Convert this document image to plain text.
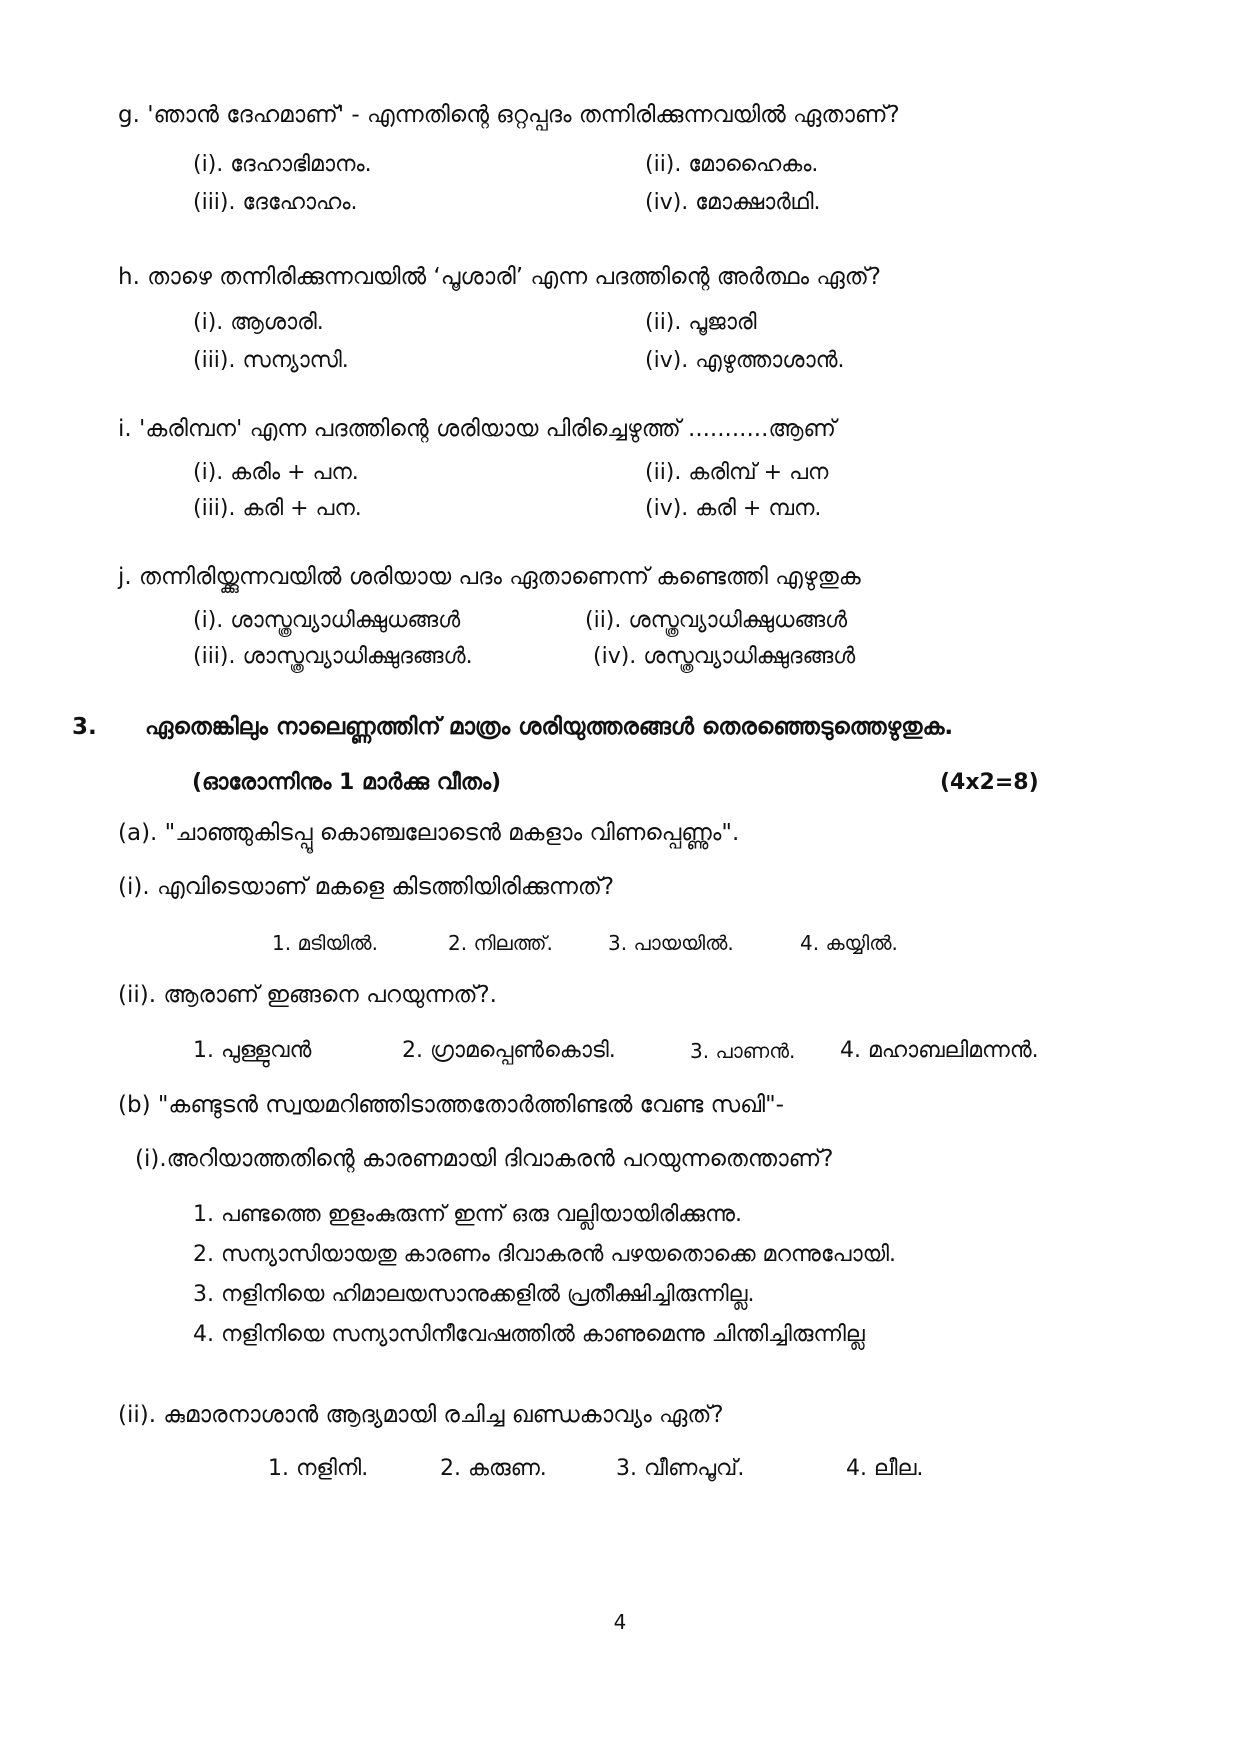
g. 'ഞാൻ ദേഹമാണ്' - എന്നതിന്റെ ഒറ്റപ്പദം തന്നിരിക്കുന്നവയിൽ ഏതാണ്?
(i). ദേഹാഭിമാനം.	(ii). മോഹൈകം.
(iii). ദേഹോഹം.	(iv). മോക്ഷാർഥി.
h. താഴെ തന്നിരിക്കുന്നവയിൽ ‘പൂശാരി’ എന്ന പദത്തിന്റെ അർത്ഥം ഏത്?
(i). ആശാരി.	(ii). പൂജാരി
(iii). സന്യാസി.	(iv). എഴുത്താശാൻ.
i. 'കരിമ്പന' എന്ന പദത്തിന്റെ ശരിയായ പിരിച്ചെഴുത്ത് ...........ആണ്
(i). കരിം + പന.	(ii). കരിമ്പ് + പന
(iii). കരി + പന.	(iv). കരി + മ്പന.
j. തന്നിരിയ്ക്കുന്നവയിൽ ശരിയായ പദം ഏതാണെന്ന് കണ്ടെത്തി എഴുതുക
(i). ശാസ്ത്രവ്യാധിക്ഷുധങ്ങൾ	(ii). ശസ്ത്രവ്യാധിക്ഷുധങ്ങൾ
(iii). ശാസ്ത്രവ്യാധിക്ഷുദങ്ങൾ.	(iv). ശസ്ത്രവ്യാധിക്ഷുദങ്ങൾ
3. ഏതെങ്കിലും നാലെണ്ണത്തിന് മാത്രം ശരിയുത്തരങ്ങൾ തെരഞ്ഞെടുത്തെഴുതുക.
(ഓരോന്നിനും 1 മാർക്കു വീതം)	(4x2=8)
(a). "ചാഞ്ഞുകിടപ്പൂ കൊഞ്ചലോടെൻ മകളാം വിണപ്പെണ്ണും".
(i). എവിടെയാണ് മകളെ കിടത്തിയിരിക്കുന്നത്?
1. മടിയിൽ.	2. നിലത്ത്.	3. പായയിൽ.	4. കയ്യിൽ.
(ii). ആരാണ് ഇങ്ങനെ പറയുന്നത്?.
1. പുള്ളുവൻ	2. ഗ്രാമപ്പെൺകൊടി.	3. പാണൻ. 4. മഹാബലിമന്നൻ.
(b) "കണ്ടുടൻ സ്വയമറിഞ്ഞിടാത്തതോർത്തിണ്ടൽ വേണ്ട സഖി"-
(i).അറിയാത്തതിന്റെ കാരണമായി ദിവാകരൻ പറയുന്നതെന്താണ്?
1. പണ്ടത്തെ ഇളംകുരുന്ന് ഇന്ന് ഒരു വല്ലിയായിരിക്കുന്നു.
2. സന്യാസിയായതു കാരണം ദിവാകരൻ പഴയതൊക്കെ മറന്നുപോയി.
3. നളിനിയെ ഹിമാലയസാനുക്കളിൽ പ്രതീക്ഷിച്ചിരുന്നില്ല.
4. നളിനിയെ സന്യാസിനീവേഷത്തിൽ കാണുമെന്നു ചിന്തിച്ചിരുന്നില്ല
(ii). കുമാരനാശാൻ ആദ്യമായി രചിച്ച ഖണ്ഡകാവ്യം ഏത്?
1. നളിനി.	2. കരുണ.	3. വീണപൂവ്.	4. ലീല.
4
